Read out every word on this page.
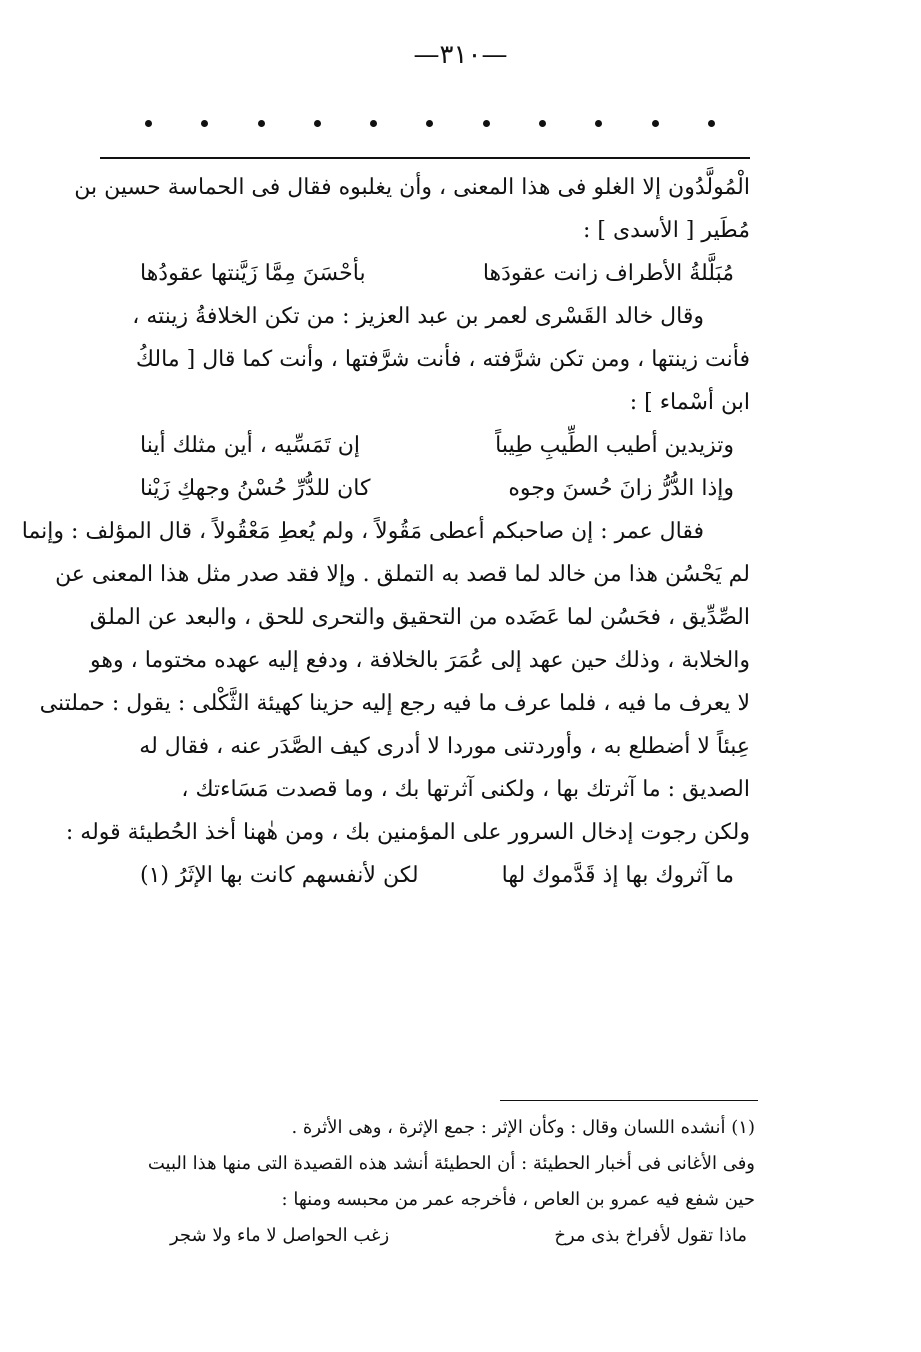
—٣١٠—
الْمُولَّدُون إلا الغلو فى هذا المعنى ، وأن يغلبوه فقال فى الحماسة حسين بن
مُطَير [ الأسدى ] :
مُبَلَّلةُ الأطراف زانت عقودَها
بأحْسَنَ مِمَّا زَيَّنتها عقودُها
وقال خالد القَسْرى لعمر بن عبد العزيز : من تكن الخلافةُ زينته ،
فأنت زينتها ، ومن تكن شرَّفته ، فأنت شرَّفتها ، وأنت كما قال [ مالكُ
ابن أسْماء ] :
وتزيدين أطيب الطِّيبِ طِيباً
إن تَمَسِّيه ، أين مثلك أينا
وإذا الدُّرُّ زانَ حُسنَ وجوه
كان للدُّرِّ حُسْنُ وجهكِ زَيْنا
فقال عمر : إن صاحبكم أعطى مَقُولاً ، ولم يُعطِ مَعْقُولاً ، قال المؤلف : وإنما
لم يَحْسُن هذا من خالد لما قصد به التملق . وإلا فقد صدر مثل هذا المعنى عن
الصِّدِّيق ، فحَسُن لما عَضَده من التحقيق والتحرى للحق ، والبعد عن الملق
والخلابة ، وذلك حين عهد إلى عُمَرَ بالخلافة ، ودفع إليه عهده مختوما ، وهو
لا يعرف ما فيه ، فلما عرف ما فيه رجع إليه حزينا كهيئة الثَّكْلى : يقول : حملتنى
عِبئاً لا أضطلع به ، وأوردتنى موردا لا أدرى كيف الصَّدَر عنه ، فقال له
الصديق : ما آثرتك بها ، ولكنى آثرتها بك ، وما قصدت مَسَاءتك ،
ولكن رجوت إدخال السرور على المؤمنين بك ، ومن هٰهنا أخذ الحُطيئة قوله :
ما آثروك بها إذ قَدَّموك لها
لكن لأنفسهم كانت بها الإثَرُ (١)
(١) أنشده اللسان وقال : وكأن الإثر : جمع الإثرة ، وهى الأثرة .
وفى الأغانى فى أخبار الحطيئة : أن الحطيئة أنشد هذه القصيدة التى منها هذا البيت
حين شفع فيه عمرو بن العاص ، فأخرجه عمر من محبسه ومنها :
ماذا تقول لأفراخ بذى مرخ
زغب الحواصل لا ماء ولا شجر
